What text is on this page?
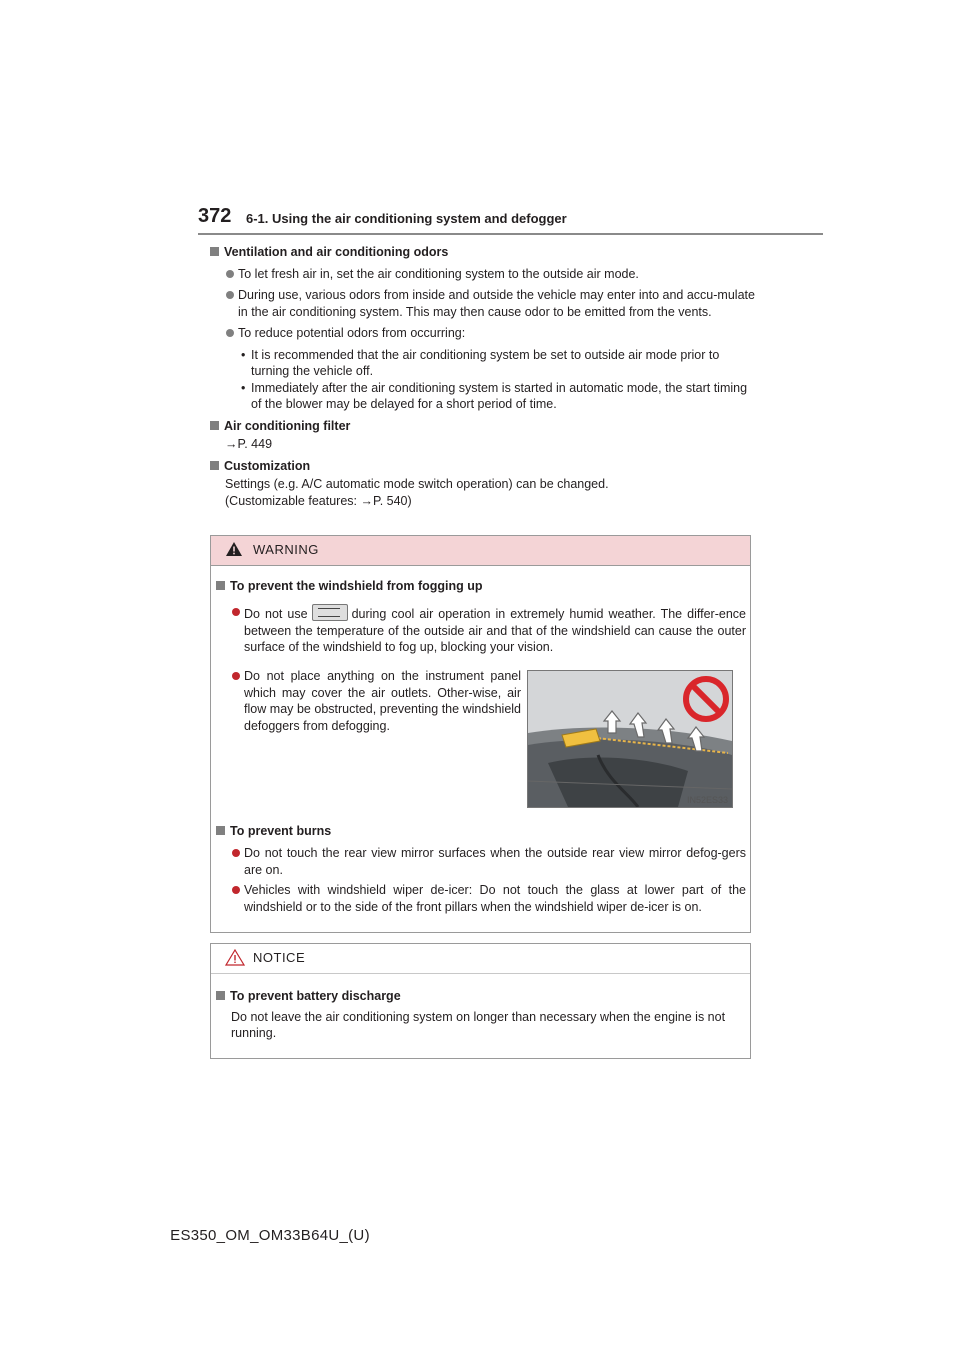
372 6-1. Using the air conditioning system and defogger
Ventilation and air conditioning odors
To let fresh air in, set the air conditioning system to the outside air mode.
During use, various odors from inside and outside the vehicle may enter into and accu-mulate in the air conditioning system. This may then cause odor to be emitted from the vents.
To reduce potential odors from occurring:
• It is recommended that the air conditioning system be set to outside air mode prior to turning the vehicle off.
• Immediately after the air conditioning system is started in automatic mode, the start timing of the blower may be delayed for a short period of time.
Air conditioning filter
→P. 449
Customization
Settings (e.g. A/C automatic mode switch operation) can be changed.
(Customizable features: →P. 540)
WARNING
To prevent the windshield from fogging up
Do not use	during cool air operation in extremely humid weather. The differ-ence between the temperature of the outside air and that of the windshield can cause the outer surface of the windshield to fog up, blocking your vision.
Do not place anything on the instrument panel which may cover the air outlets. Other-wise, air flow may be obstructed, preventing the windshield defoggers from defogging.
IN52ES33
To prevent burns
Do not touch the rear view mirror surfaces when the outside rear view mirror defog-gers are on.
Vehicles with windshield wiper de-icer: Do not touch the glass at lower part of the windshield or to the side of the front pillars when the windshield wiper de-icer is on.
NOTICE
To prevent battery discharge
Do not leave the air conditioning system on longer than necessary when the engine is not running.
ES350_OM_OM33B64U_(U)
